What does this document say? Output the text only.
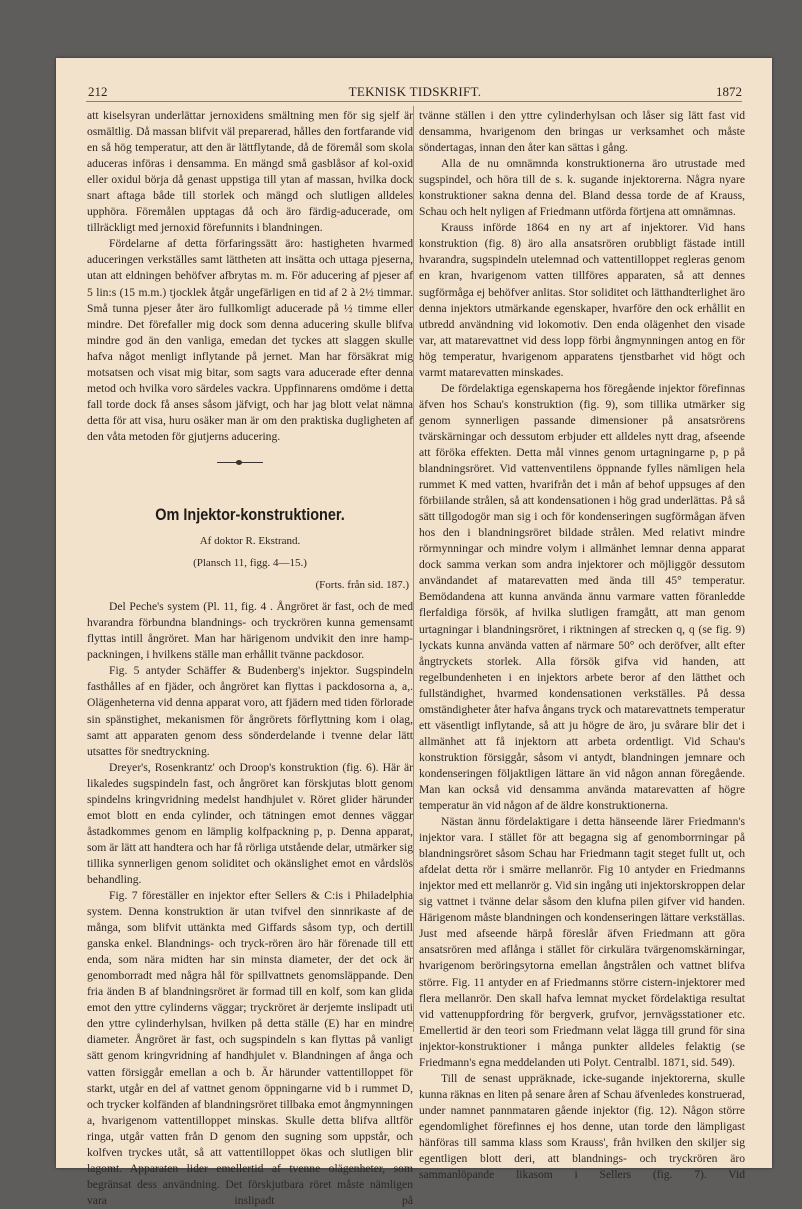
212	TEKNISK TIDSKRIFT.	1872

att kiselsyran underlättar jernoxidens smältning men för sig sjelf är osmältlig. Då massan blifvit väl preparerad, hålles den fortfarande vid en så hög temperatur, att den är lättflytande, då de föremål som skola aduceras införas i densamma. En mängd små gasblåsor af kol-oxid eller oxidul börja då genast uppstiga till ytan af massan, hvilka dock snart aftaga både till storlek och mängd och slutligen alldeles upphöra. Föremålen upptagas då och äro färdig-aducerade, om tillräckligt med jernoxid förefunnits i blandningen.

Fördelarne af detta förfaringssätt äro: hastigheten hvarmed aduceringen verkställes samt lättheten att insätta och uttaga pjeserna, utan att eldningen behöfver afbrytas m. m. För aducering af pjeser af 5 lin:s (15 m.m.) tjocklek åtgår ungefärligen en tid af 2 à 2½ timmar. Små tunna pjeser åter äro fullkomligt aducerade på ½ timme eller mindre. Det förefaller mig dock som denna aducering skulle blifva mindre god än den vanliga, emedan det tyckes att slaggen skulle hafva något menligt inflytande på jernet. Man har försäkrat mig motsatsen och visat mig bitar, som sagts vara aducerade efter denna metod och hvilka voro särdeles vackra. Uppfinnarens omdöme i detta fall torde dock få anses såsom jäfvigt, och har jag blott velat nämna detta för att visa, huru osäker man är om den praktiska dugligheten af den våta metoden för gjutjerns aducering.

Om Injektor-konstruktioner.
Af doktor R. Ekstrand.
(Plansch 11, figg. 4—15.)
(Forts. från sid. 187.)

Del Peche's system (Pl. 11, fig. 4 . Ångröret är fast, och de med hvarandra förbundna blandnings- och tryckrören kunna gemensamt flyttas intill ångröret. Man har härigenom undvikit den inre hamp-packningen, i hvilkens ställe man erhållit tvänne packdosor.

Fig. 5 antyder Schäffer & Budenberg's injektor. Sugspindeln fasthålles af en fjäder, och ångröret kan flyttas i packdosorna a, a,. Olägenheterna vid denna apparat voro, att fjädern med tiden förlorade sin spänstighet, mekanismen för ångrörets förflyttning kom i olag, samt att apparaten genom dess sönderdelande i tvenne delar lätt utsattes för snedtryckning.

Dreyer's, Rosenkrantz' och Droop's konstruktion (fig. 6). Här är likaledes sugspindeln fast, och ångröret kan förskjutas blott genom spindelns kringvridning medelst handhjulet v. Röret glider härunder emot blott en enda cylinder, och tätningen emot dennes väggar åstadkommes genom en lämplig kolfpackning p, p. Denna apparat, som är lätt att handtera och har få rörliga utstående delar, utmärker sig tillika synnerligen genom soliditet och okänslighet emot en vårdslös behandling.

Fig. 7 föreställer en injektor efter Sellers & C:is i Philadelphia system. Denna konstruktion är utan tvifvel den sinnrikaste af de många, som blifvit uttänkta med Giffards såsom typ, och dertill ganska enkel. Blandnings- och tryck-rören äro här förenade till ett enda, som nära midten har sin minsta diameter, der det ock är genomborradt med några hål för spillvattnets genomsläppande. Den fria änden B af blandningsröret är formad till en kolf, som kan glida emot den yttre cylinderns väggar; tryckröret är derjemte inslipadt uti den yttre cylinderhylsan, hvilken på detta ställe (E) har en mindre diameter. Ångröret är fast, och sugspindeln s kan flyttas på vanligt sätt genom kringvridning af handhjulet v. Blandningen af ånga och vatten försiggår emellan a och b. Är härunder vattentilloppet för starkt, utgår en del af vattnet genom öppningarne vid b i rummet D, och trycker kolfänden af blandningsröret tillbaka emot ångmynningen a, hvarigenom vattentilloppet minskas. Skulle detta blifva alltför ringa, utgår vatten från D genom den sugning som uppstår, och kolfven tryckes utåt, så att vattentilloppet ökas och slutligen blir lagomt. Apparaten lider emellertid af tvenne olägenheter, som begränsat dess användning. Det förskjutbara röret måste nämligen vara inslipadt på

tvänne ställen i den yttre cylinderhylsan och låser sig lätt fast vid densamma, hvarigenom den bringas ur verksamhet och måste söndertagas, innan den åter kan sättas i gång.

Alla de nu omnämnda konstruktionerna äro utrustade med sugspindel, och höra till de s. k. sugande injektorerna. Några nyare konstruktioner sakna denna del. Bland dessa torde de af Krauss, Schau och helt nyligen af Friedmann utförda förtjena att omnämnas.

Krauss införde 1864 en ny art af injektorer. Vid hans konstruktion (fig. 8) äro alla ansatsrören orubbligt fästade intill hvarandra, sugspindeln utelemnad och vattentilloppet regleras genom en kran, hvarigenom vatten tillföres apparaten, så att dennes sugförmåga ej behöfver anlitas. Stor soliditet och lätthandterlighet äro denna injektors utmärkande egenskaper, hvarföre den ock erhållit en utbredd användning vid lokomotiv. Den enda olägenhet den visade var, att matarevattnet vid dess lopp förbi ångmynningen antog en för hög temperatur, hvarigenom apparatens tjenstbarhet vid högt och varmt matarevatten minskades.

De fördelaktiga egenskaperna hos föregående injektor förefinnas äfven hos Schau's konstruktion (fig. 9), som tillika utmärker sig genom synnerligen passande dimensioner på ansatsrörens tvärskärningar och dessutom erbjuder ett alldeles nytt drag, afseende att föröka effekten. Detta mål vinnes genom urtagningarne p, p på blandningsröret. Vid vattenventilens öppnande fylles nämligen hela rummet K med vatten, hvarifrån det i mån af behof uppsuges af den förbiilande strålen, så att kondensationen i hög grad underlättas. På så sätt tillgodogör man sig i och för kondenseringen sugförmågan äfven hos den i blandningsröret bildade strålen. Med relativt mindre rörmynningar och mindre volym i allmänhet lemnar denna apparat dock samma verkan som andra injektorer och möjliggör dessutom användandet af matarevatten med ända till 45° temperatur. Bemödandena att kunna använda ännu varmare vatten föranledde flerfaldiga försök, af hvilka slutligen framgått, att man genom urtagningar i blandningsröret, i riktningen af strecken q, q (se fig. 9) lyckats kunna använda vatten af närmare 50° och deröfver, allt efter ångtryckets storlek. Alla försök gifva vid handen, att regelbundenheten i en injektors arbete beror af den lätthet och fullständighet, hvarmed kondensationen verkställes. På dessa omständigheter åter hafva ångans tryck och matarevattnets temperatur ett väsentligt inflytande, så att ju högre de äro, ju svårare blir det i allmänhet att få injektorn att arbeta ordentligt. Vid Schau's konstruktion försiggår, såsom vi antydt, blandningen jemnare och kondenseringen följaktligen lättare än vid någon annan föregående. Man kan också vid densamma använda matarevatten af högre temperatur än vid någon af de äldre konstruktionerna.

Nästan ännu fördelaktigare i detta hänseende lärer Friedmann's injektor vara. I stället för att begagna sig af genomborrningar på blandningsröret såsom Schau har Friedmann tagit steget fullt ut, och afdelat detta rör i smärre mellanrör. Fig 10 antyder en Friedmanns injektor med ett mellanrör g. Vid sin ingång uti injektorskroppen delar sig vattnet i tvänne delar såsom den klufna pilen gifver vid handen. Härigenom måste blandningen och kondenseringen lättare verkställas. Just med afseende härpå föreslår äfven Friedmann att göra ansatsrören med aflånga i stället för cirkulära tvärgenomskärningar, hvarigenom beröringsytorna emellan ångstrålen och vattnet blifva större. Fig. 11 antyder en af Friedmanns större cistern-injektorer med flera mellanrör. Den skall hafva lemnat mycket fördelaktiga resultat vid vattenuppfordring för bergverk, grufvor, jernvägsstationer etc. Emellertid är den teori som Friedmann velat lägga till grund för sina injektor-konstruktioner i många punkter alldeles felaktig (se Friedmann's egna meddelanden uti Polyt. Centralbl. 1871, sid. 549).

Till de senast uppräknade, icke-sugande injektorerna, skulle kunna räknas en liten på senare åren af Schau äfvenledes konstruerad, under namnet pannmataren gående injektor (fig. 12). Någon större egendomlighet förefinnes ej hos denne, utan torde den lämpligast hänföras till samma klass som Krauss', från hvilken den skiljer sig egentligen blott deri, att blandnings- och tryckrören äro sammanlöpande likasom i Sellers (fig. 7). Vid
